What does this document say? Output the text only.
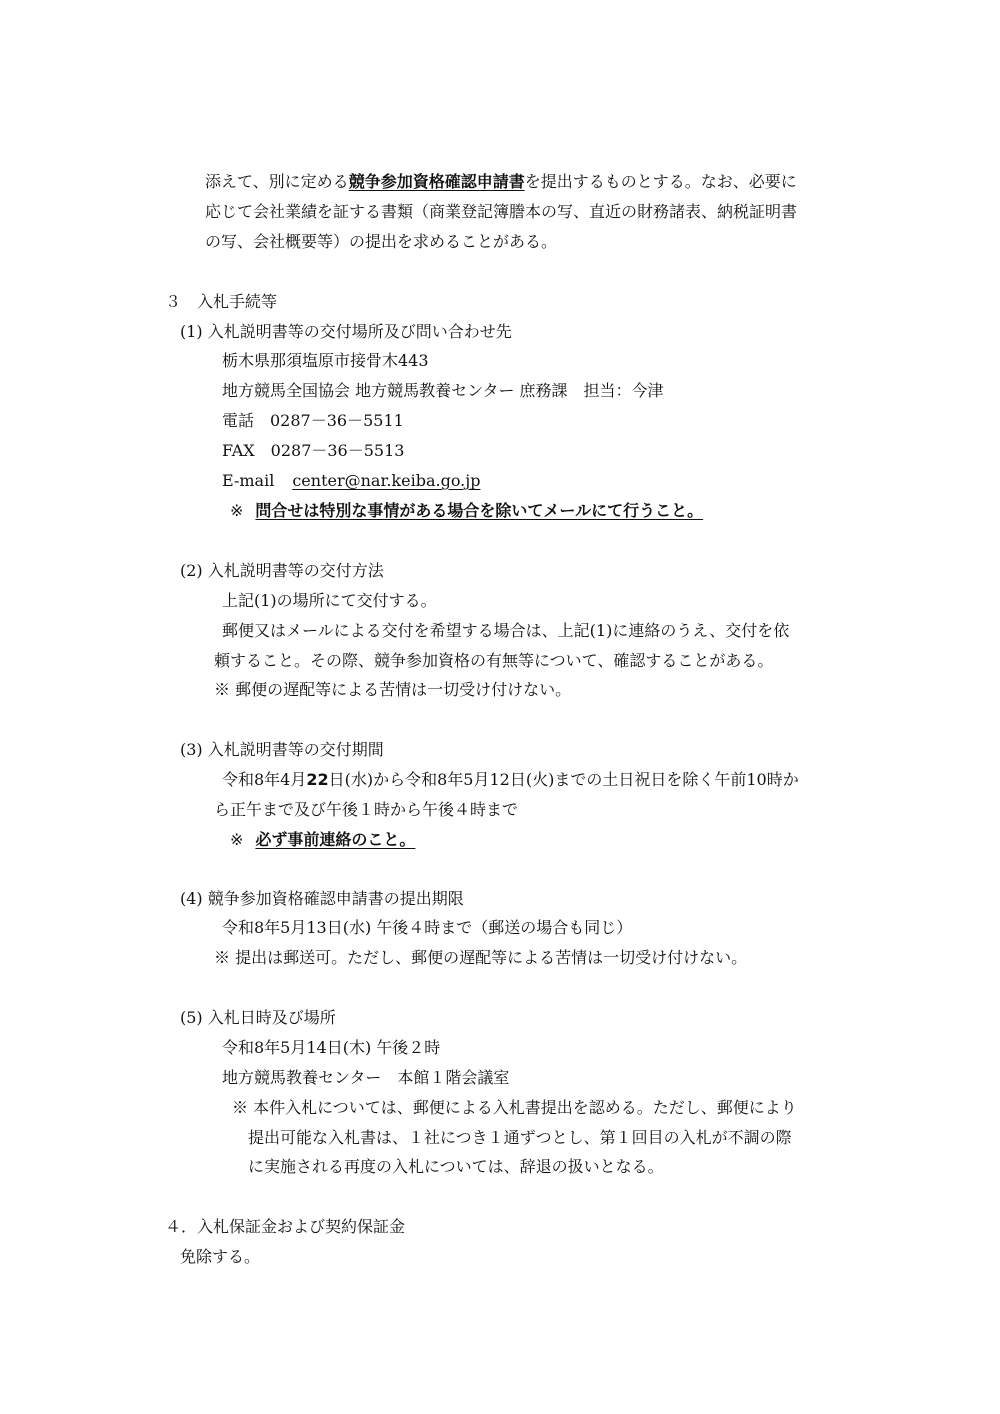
添えて、別に定める競争参加資格確認申請書を提出するものとする。なお、必要に
応じて会社業績を証する書類（商業登記簿謄本の写、直近の財務諸表、納税証明書
の写、会社概要等）の提出を求めることがある。
３　入札手続等
(1) 入札説明書等の交付場所及び問い合わせ先
栃木県那須塩原市接骨木443
地方競馬全国協会 地方競馬教養センター 庶務課　担当：今津
電話　0287－36－5511
FAX　0287－36－5513
E-mail center@nar.keiba.go.jp
※ 問合せは特別な事情がある場合を除いてメールにて行うこと。
(2) 入札説明書等の交付方法
上記(1)の場所にて交付する。
郵便又はメールによる交付を希望する場合は、上記(1)に連絡のうえ、交付を依
頼すること。その際、競争参加資格の有無等について、確認することがある。
※ 郵便の遅配等による苦情は一切受け付けない。
(3) 入札説明書等の交付期間
令和8年4月22日(水)から令和8年5月12日(火)までの土日祝日を除く午前10時か
ら正午まで及び午後１時から午後４時まで
※ 必ず事前連絡のこと。
(4) 競争参加資格確認申請書の提出期限
令和8年5月13日(水) 午後４時まで（郵送の場合も同じ）
※ 提出は郵送可。ただし、郵便の遅配等による苦情は一切受け付けない。
(5) 入札日時及び場所
令和8年5月14日(木) 午後２時
地方競馬教養センター　本館１階会議室
※ 本件入札については、郵便による入札書提出を認める。ただし、郵便により
提出可能な入札書は、１社につき１通ずつとし、第１回目の入札が不調の際
に実施される再度の入札については、辞退の扱いとなる。
４．入札保証金および契約保証金
免除する。
